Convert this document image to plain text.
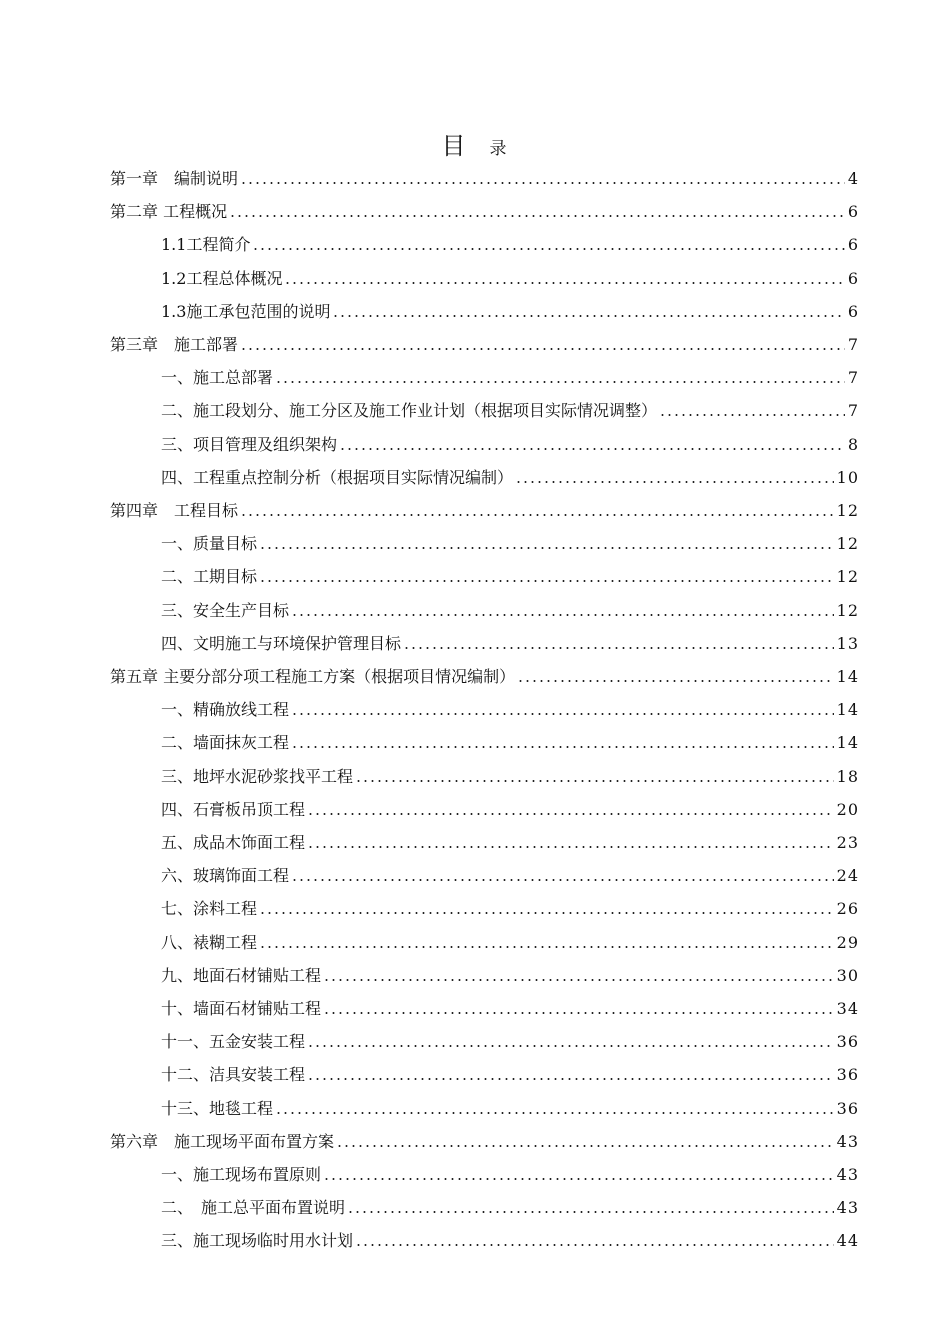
目 录
第一章　编制说明	4
第二章 工程概况	6
1.1工程简介	6
1.2工程总体概况	6
1.3施工承包范围的说明	6
第三章　施工部署	7
一、施工总部署	7
二、施工段划分、施工分区及施工作业计划（根据项目实际情况调整）	7
三、项目管理及组织架构	8
四、工程重点控制分析（根据项目实际情况编制）	10
第四章　工程目标	12
一、质量目标	12
二、工期目标	12
三、安全生产目标	12
四、文明施工与环境保护管理目标	13
第五章 主要分部分项工程施工方案（根据项目情况编制）	14
一、精确放线工程	14
二、墙面抹灰工程	14
三、地坪水泥砂浆找平工程	18
四、石膏板吊顶工程	20
五、成品木饰面工程	23
六、玻璃饰面工程	24
七、涂料工程	26
八、裱糊工程	29
九、地面石材铺贴工程	30
十、墙面石材铺贴工程	34
十一、五金安装工程	36
十二、洁具安装工程	36
十三、地毯工程	36
第六章　施工现场平面布置方案	43
一、施工现场布置原则	43
二、　施工总平面布置说明	43
三、施工现场临时用水计划	44
